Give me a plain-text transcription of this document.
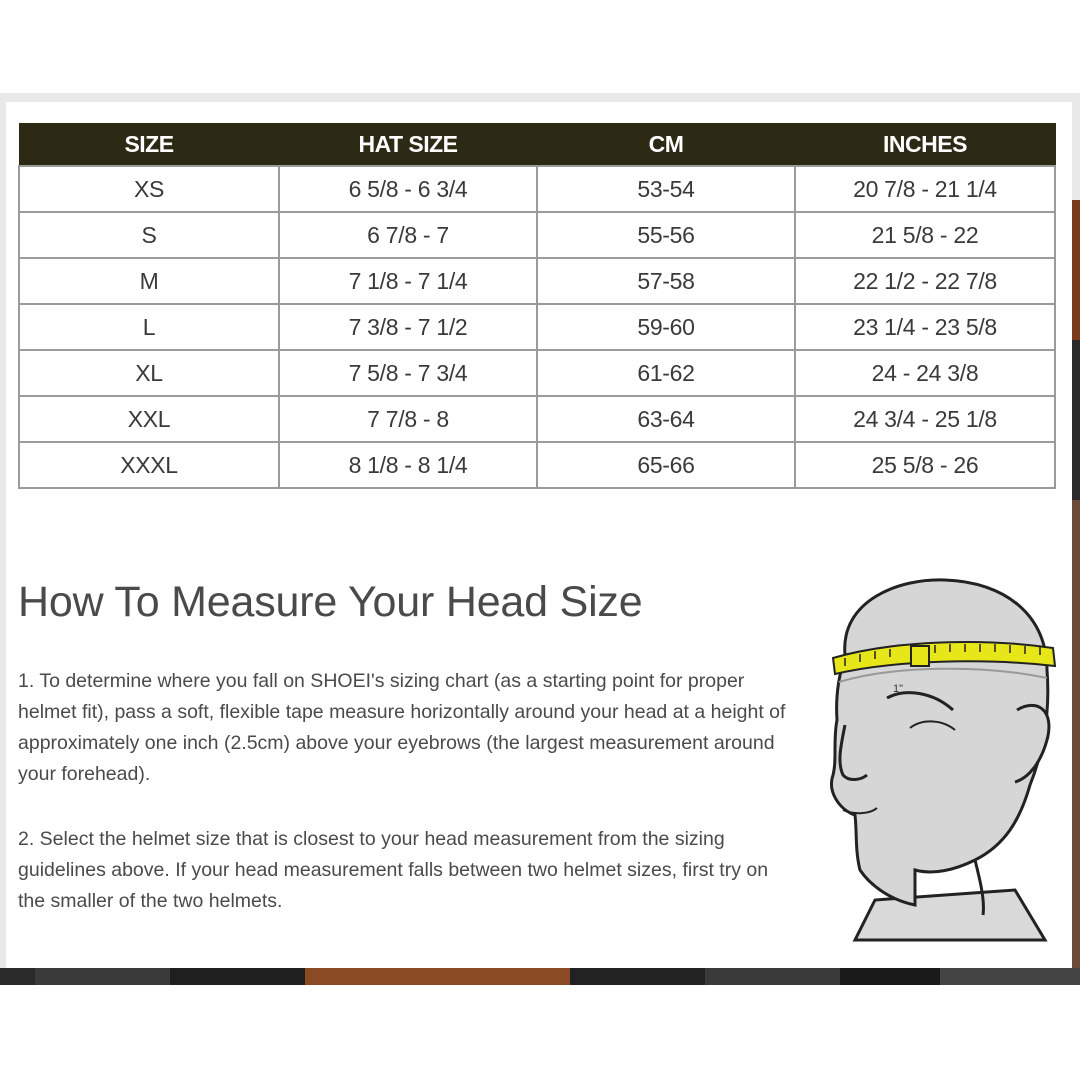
SIZE	HAT SIZE	CM	INCHES
XS	6 5/8 - 6 3/4	53-54	20 7/8 - 21 1/4
S	6 7/8 - 7	55-56	21 5/8 - 22
M	7 1/8 - 7 1/4	57-58	22 1/2 - 22 7/8
L	7 3/8 - 7 1/2	59-60	23 1/4 - 23 5/8
XL	7 5/8 - 7 3/4	61-62	24 - 24 3/8
XXL	7 7/8 - 8	63-64	24 3/4 - 25 1/8
XXXL	8 1/8 - 8 1/4	65-66	25 5/8 - 26
How To Measure Your Head Size

1. To determine where you fall on SHOEI's sizing chart (as a starting point for proper helmet fit), pass a soft, flexible tape measure horizontally around your head at a height of approximately one inch (2.5cm) above your eyebrows (the largest measurement around your forehead).

2. Select the helmet size that is closest to your head measurement from the sizing guidelines above. If your head measurement falls between two helmet sizes, first try on the smaller of the two helmets.

1"
